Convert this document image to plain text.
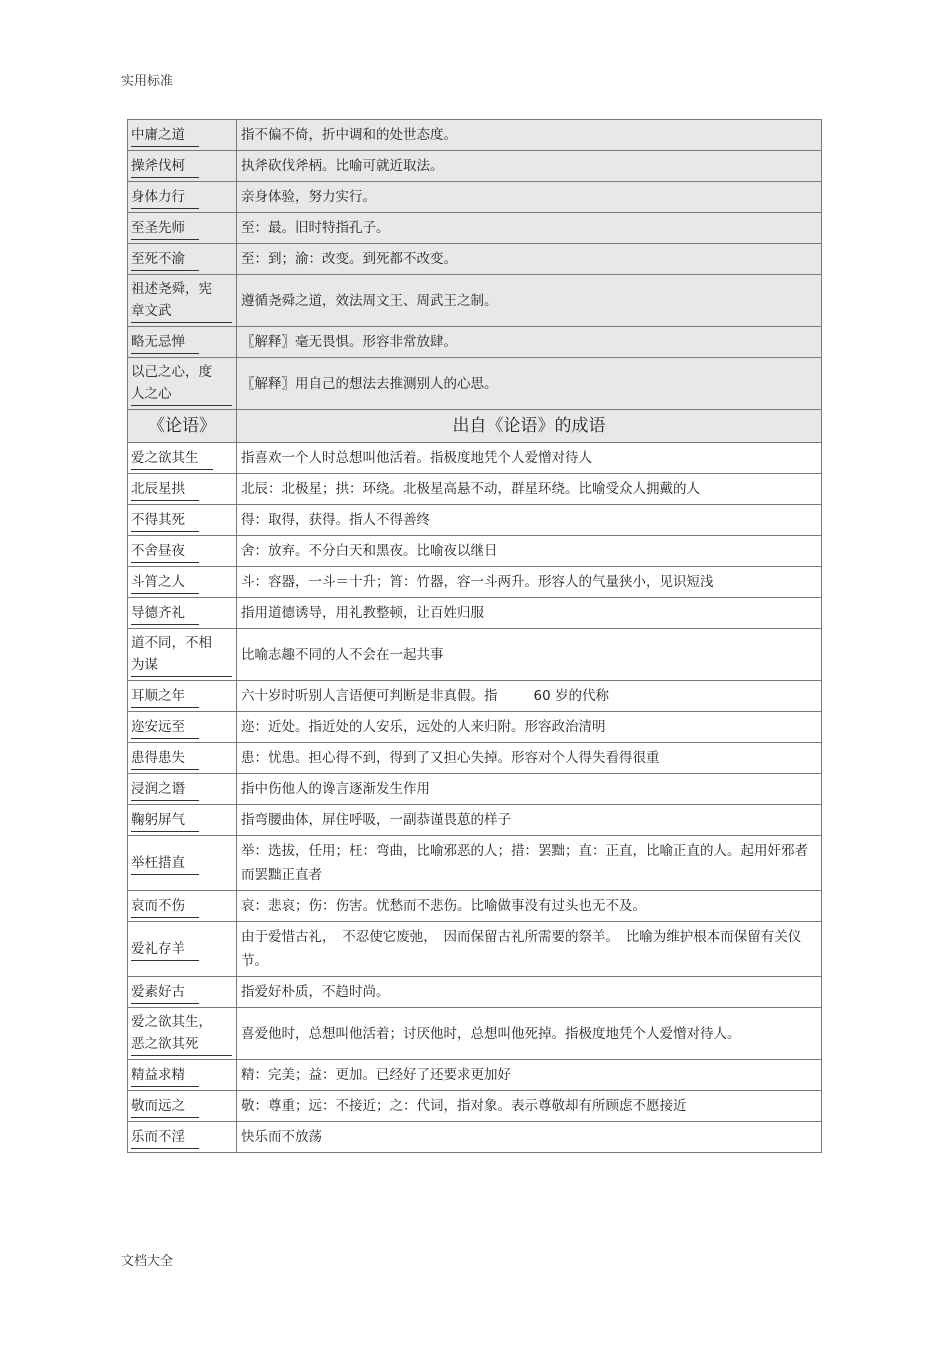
实用标准
中庸之道	指不偏不倚，折中调和的处世态度。
操斧伐柯	执斧砍伐斧柄。比喻可就近取法。
身体力行	亲身体验，努力实行。
至圣先师	至：最。旧时特指孔子。
至死不渝	至：到；渝：改变。到死都不改变。
祖述尧舜，宪章文武	遵循尧舜之道，效法周文王、周武王之制。
略无忌惮	〖解释〗毫无畏惧。形容非常放肆。
以己之心，度人之心	〖解释〗用自己的想法去推测别人的心思。
《论语》	出自《论语》的成语
爱之欲其生	指喜欢一个人时总想叫他活着。指极度地凭个人爱憎对待人
北辰星拱	北辰：北极星；拱：环绕。北极星高悬不动，群星环绕。比喻受众人拥戴的人
不得其死	得：取得，获得。指人不得善终
不舍昼夜	舍：放弃。不分白天和黑夜。比喻夜以继日
斗筲之人	斗：容器，一斗＝十升；筲：竹器，容一斗两升。形容人的气量狭小，见识短浅
导德齐礼	指用道德诱导，用礼教整顿，让百姓归服
道不同，不相为谋	比喻志趣不同的人不会在一起共事
耳顺之年	六十岁时听别人言语便可判断是非真假。指 60 岁的代称
迩安远至	迩：近处。指近处的人安乐，远处的人来归附。形容政治清明
患得患失	患：忧患。担心得不到，得到了又担心失掉。形容对个人得失看得很重
浸润之谮	指中伤他人的谗言逐渐发生作用
鞠躬屏气	指弯腰曲体，屏住呼吸，一副恭谨畏葸的样子
举枉措直	举：选拔，任用；枉：弯曲，比喻邪恶的人；措：罢黜；直：正直，比喻正直的人。起用奸邪者而罢黜正直者
哀而不伤	哀：悲哀；伤：伤害。忧愁而不悲伤。比喻做事没有过头也无不及。
爱礼存羊	由于爱惜古礼，　不忍使它废弛，　因而保留古礼所需要的祭羊。　比喻为维护根本而保留有关仪节。
爱素好古	指爱好朴质，不趋时尚。
爱之欲其生，恶之欲其死	喜爱他时，总想叫他活着；讨厌他时，总想叫他死掉。指极度地凭个人爱憎对待人。
精益求精	精：完美；益：更加。已经好了还要求更加好
敬而远之	敬：尊重；远：不接近；之：代词，指对象。表示尊敬却有所顾虑不愿接近
乐而不淫	快乐而不放荡
文档大全
